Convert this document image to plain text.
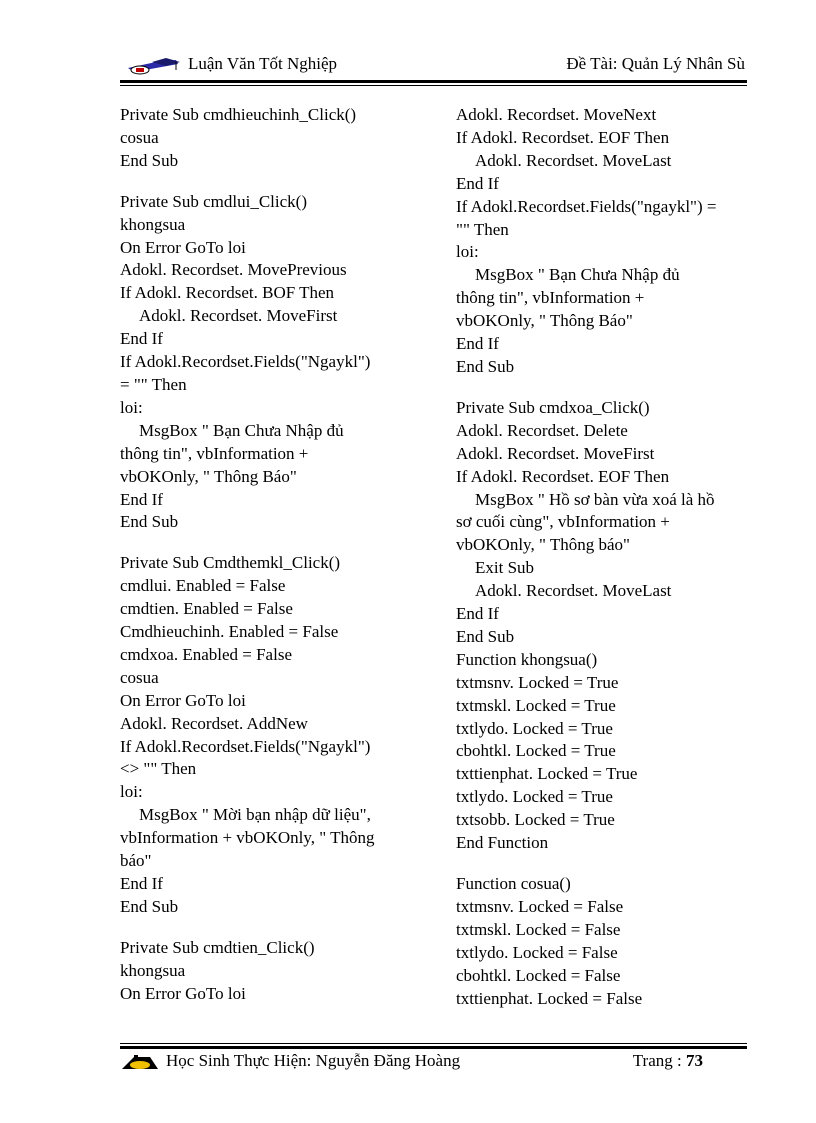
Luận Văn Tốt Nghiệp	Đề Tài: Quản Lý Nhân Sù
Private Sub cmdhieuchinh_Click()
cosua
End Sub
Private Sub cmdlui_Click()
khongsua
On Error GoTo loi
Adokl. Recordset. MovePrevious
If Adokl. Recordset. BOF Then
Adokl. Recordset. MoveFirst
End If
If Adokl.Recordset.Fields("Ngaykl")
= "" Then
loi:
MsgBox " Bạn Chưa Nhập đủ
thông tin", vbInformation +
vbOKOnly, " Thông Báo"
End If
End Sub
Private Sub Cmdthemkl_Click()
cmdlui. Enabled = False
cmdtien. Enabled = False
Cmdhieuchinh. Enabled = False
cmdxoa. Enabled = False
cosua
On Error GoTo loi
Adokl. Recordset. AddNew
If Adokl.Recordset.Fields("Ngaykl")
<> "" Then
loi:
MsgBox " Mời bạn nhập dữ liệu",
vbInformation + vbOKOnly, " Thông
báo"
End If
End Sub
Private Sub cmdtien_Click()
khongsua
On Error GoTo loi
Adokl. Recordset. MoveNext
If Adokl. Recordset. EOF Then
Adokl. Recordset. MoveLast
End If
If Adokl.Recordset.Fields("ngaykl") =
"" Then
loi:
MsgBox " Bạn Chưa Nhập đủ
thông tin", vbInformation +
vbOKOnly, " Thông Báo"
End If
End Sub
Private Sub cmdxoa_Click()
Adokl. Recordset. Delete
Adokl. Recordset. MoveFirst
If Adokl. Recordset. EOF Then
MsgBox " Hồ sơ bàn vừa xoá là hồ
sơ cuối cùng", vbInformation +
vbOKOnly, " Thông báo"
Exit Sub
Adokl. Recordset. MoveLast
End If
End Sub
Function khongsua()
txtmsnv. Locked = True
txtmskl. Locked = True
txtlydo. Locked = True
cbohtkl. Locked = True
txttienphat. Locked = True
txtlydo. Locked = True
txtsobb. Locked = True
End Function
Function cosua()
txtmsnv. Locked = False
txtmskl. Locked = False
txtlydo. Locked = False
cbohtkl. Locked = False
txttienphat. Locked = False
Học Sinh Thực Hiện: Nguyễn Đăng Hoàng	Trang : 73
